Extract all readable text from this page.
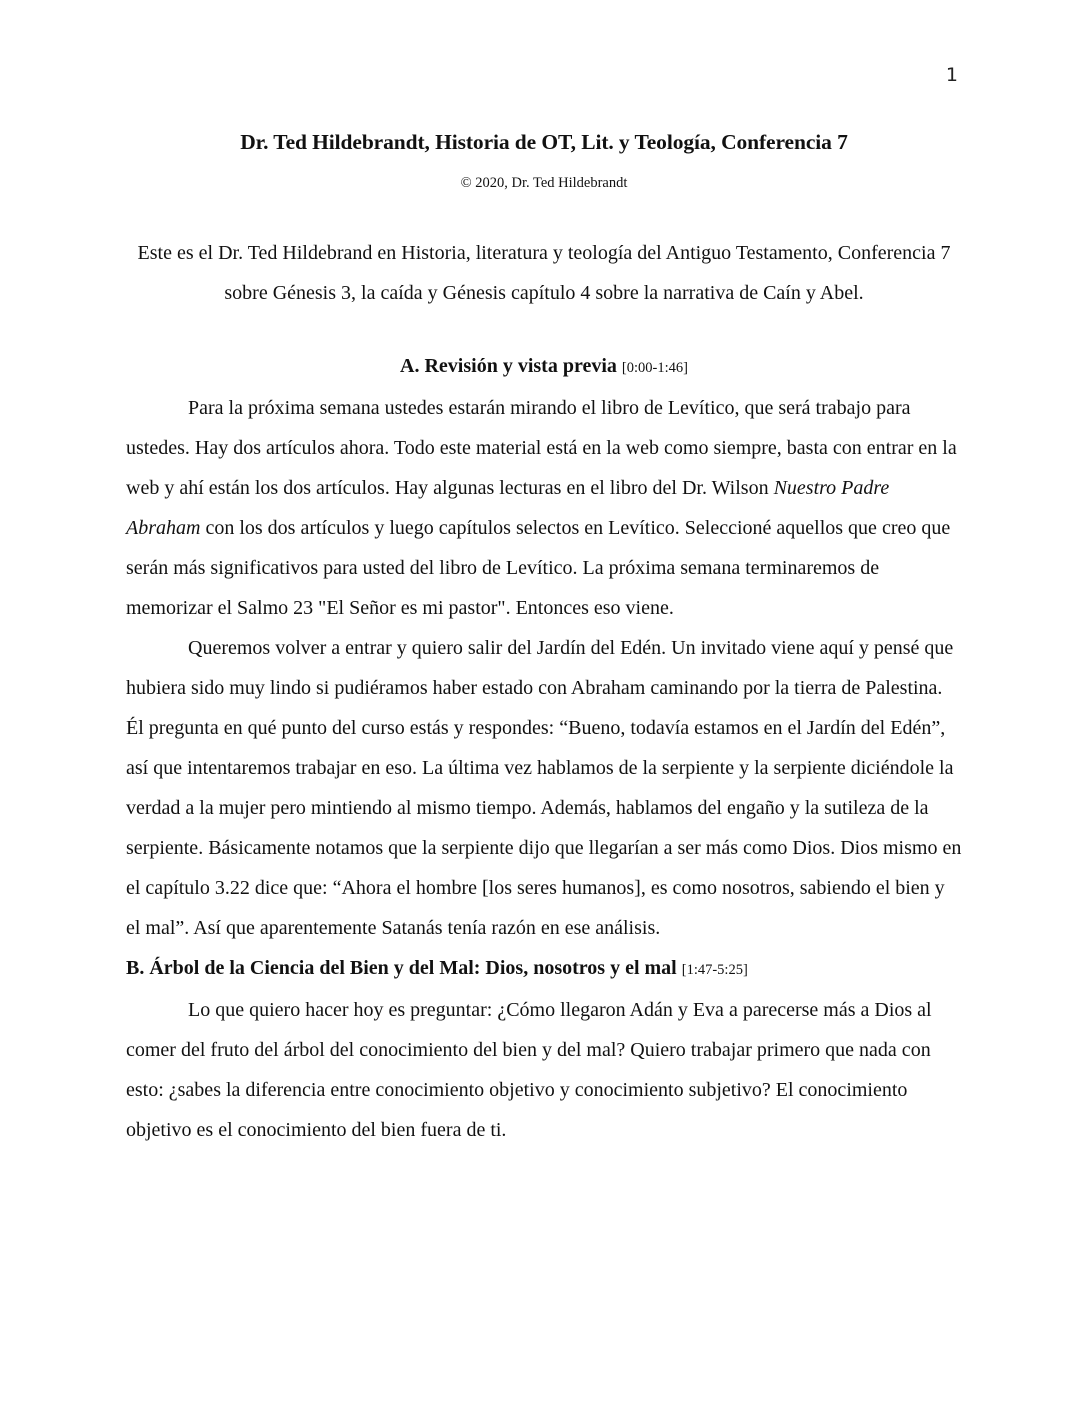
1
Dr. Ted Hildebrandt, Historia de OT, Lit. y Teología, Conferencia 7
© 2020, Dr. Ted Hildebrandt
Este es el Dr. Ted Hildebrand en Historia, literatura y teología del Antiguo Testamento, Conferencia 7 sobre Génesis 3, la caída y Génesis capítulo 4 sobre la narrativa de Caín y Abel.
A. Revisión y vista previa [0:00-1:46]

Para la próxima semana ustedes estarán mirando el libro de Levítico, que será trabajo para ustedes. Hay dos artículos ahora. Todo este material está en la web como siempre, basta con entrar en la web y ahí están los dos artículos. Hay algunas lecturas en el libro del Dr. Wilson Nuestro Padre Abraham con los dos artículos y luego capítulos selectos en Levítico. Seleccioné aquellos que creo que serán más significativos para usted del libro de Levítico. La próxima semana terminaremos de memorizar el Salmo 23 "El Señor es mi pastor". Entonces eso viene.

Queremos volver a entrar y quiero salir del Jardín del Edén. Un invitado viene aquí y pensé que hubiera sido muy lindo si pudiéramos haber estado con Abraham caminando por la tierra de Palestina. Él pregunta en qué punto del curso estás y respondes: “Bueno, todavía estamos en el Jardín del Edén”, así que intentaremos trabajar en eso. La última vez hablamos de la serpiente y la serpiente diciéndole la verdad a la mujer pero mintiendo al mismo tiempo. Además, hablamos del engaño y la sutileza de la serpiente. Básicamente notamos que la serpiente dijo que llegarían a ser más como Dios. Dios mismo en el capítulo 3.22 dice que: “Ahora el hombre [los seres humanos], es como nosotros, sabiendo el bien y el mal”. Así que aparentemente Satanás tenía razón en ese análisis.

B. Árbol de la Ciencia del Bien y del Mal: Dios, nosotros y el mal [1:47-5:25]

Lo que quiero hacer hoy es preguntar: ¿Cómo llegaron Adán y Eva a parecerse más a Dios al comer del fruto del árbol del conocimiento del bien y del mal? Quiero trabajar primero que nada con esto: ¿sabes la diferencia entre conocimiento objetivo y conocimiento subjetivo? El conocimiento objetivo es el conocimiento del bien fuera de ti.
